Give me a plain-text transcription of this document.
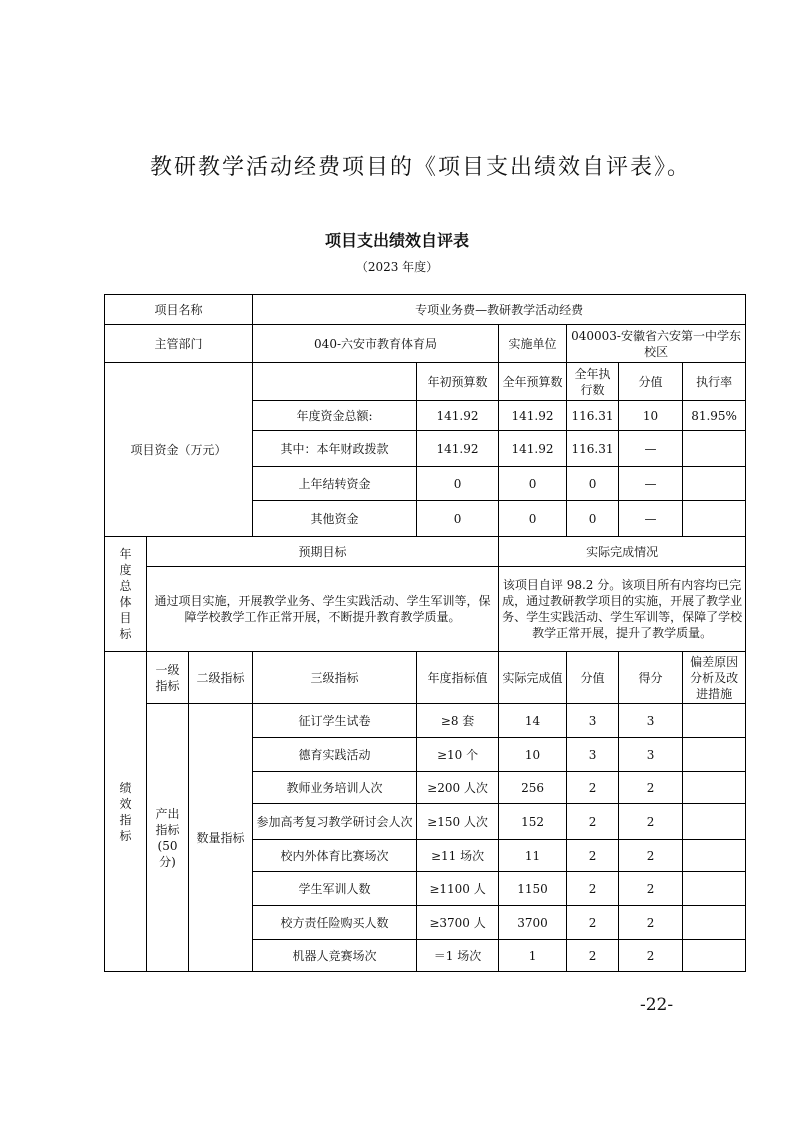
教研教学活动经费项目的《项目支出绩效自评表》。
项目支出绩效自评表
（2023 年度）
项目名称			专项业务费—教研教学活动经费						
主管部门			040-六安市教育体育局		实施单位	040003-安徽省六安第一中学东校区			
项目资金（万元）				年初预算数	全年预算数	全年执行数	分值	执行率	
			年度资金总额:	141.92	141.92	116.31	10	81.95%	
			其中：本年财政拨款	141.92	141.92	116.31	—		
			上年结转资金	0	0	0	—		
			其他资金	0	0	0	—		
年度总体目标	预期目标				实际完成情况				
	通过项目实施，开展教学业务、学生实践活动、学生军训等，保障学校教学工作正常开展，不断提升教育教学质量。				该项目自评 98.2 分。该项目所有内容均已完成，通过教研教学项目的实施，开展了教学业务、学生实践活动、学生军训等，保障了学校教学正常开展，提升了教学质量。				
绩效指标	一级指标	二级指标	三级指标	年度指标值	实际完成值	分值	得分	偏差原因分析及改进措施	
	产出指标(50分)	数量指标	征订学生试卷	≥8 套	14	3	3		
			德育实践活动	≥10 个	10	3	3		
			教师业务培训人次	≥200 人次	256	2	2		
			参加高考复习教学研讨会人次	≥150 人次	152	2	2		
			校内外体育比赛场次	≥11 场次	11	2	2		
			学生军训人数	≥1100 人	1150	2	2		
			校方责任险购买人数	≥3700 人	3700	2	2		
			机器人竞赛场次	＝1 场次	1	2	2		
-22-
